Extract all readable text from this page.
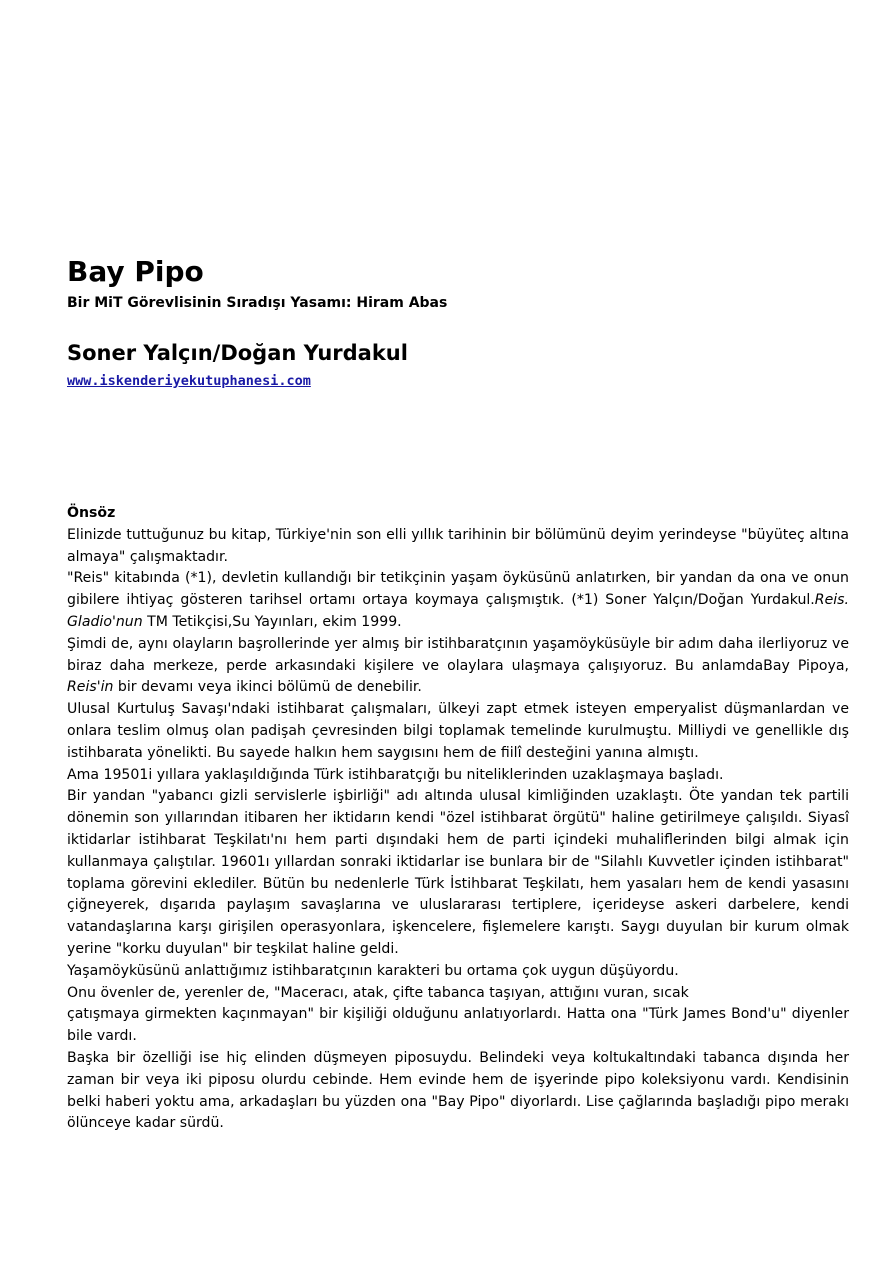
Bay Pipo
Bir MiT Görevlisinin Sıradışı Yasamı: Hiram Abas
Soner Yalçın/Doğan Yurdakul
www.iskenderiyekutuphanesi.com

Önsöz

Elinizde tuttuğunuz bu kitap, Türkiye'nin son elli yıllık tarihinin bir bölümünü deyim yerindeyse "büyüteç altına almaya" çalışmaktadır.

"Reis" kitabında (*1), devletin kullandığı bir tetikçinin yaşam öyküsünü anlatırken, bir yandan da ona ve onun gibilere ihtiyaç gösteren tarihsel ortamı ortaya koymaya çalışmıştık. (*1) Soner Yalçın/Doğan Yurdakul.Reis. Gladio'nun TM Tetikçisi,Su Yayınları, ekim 1999.

Şimdi de, aynı olayların başrollerinde yer almış bir istihbaratçının yaşamöyküsüyle bir adım daha ilerliyoruz ve biraz daha merkeze, perde arkasındaki kişilere ve olaylara ulaşmaya çalışıyoruz. Bu anlamdaBay Pipoya, Reis'in bir devamı veya ikinci bölümü de denebilir.

Ulusal Kurtuluş Savaşı'ndaki istihbarat çalışmaları, ülkeyi zapt etmek isteyen emperyalist düşmanlardan ve onlara teslim olmuş olan padişah çevresinden bilgi toplamak temelinde kurulmuştu. Milliydi ve genellikle dış istihbarata yönelikti. Bu sayede halkın hem saygısını hem de fiilî desteğini yanına almıştı.

Ama 19501i yıllara yaklaşıldığında Türk istihbaratçığı bu niteliklerinden uzaklaşmaya başladı.

Bir yandan "yabancı gizli servislerle işbirliği" adı altında ulusal kimliğinden uzaklaştı. Öte yandan tek partili dönemin son yıllarından itibaren her iktidarın kendi "özel istihbarat örgütü" haline getirilmeye çalışıldı. Siyasî iktidarlar istihbarat Teşkilatı'nı hem parti dışındaki hem de parti içindeki muhaliflerinden bilgi almak için kullanmaya çalıştılar. 19601ı yıllardan sonraki iktidarlar ise bunlara bir de "Silahlı Kuvvetler içinden istihbarat" toplama görevini eklediler. Bütün bu nedenlerle Türk İstihbarat Teşkilatı, hem yasaları hem de kendi yasasını çiğneyerek, dışarıda paylaşım savaşlarına ve uluslararası tertiplere, içerideyse askeri darbelere, kendi vatandaşlarına karşı girişilen operasyonlara, işkencelere, fişlemelere karıştı. Saygı duyulan bir kurum olmak yerine "korku duyulan" bir teşkilat haline geldi.

Yaşamöyküsünü anlattığımız istihbaratçının karakteri bu ortama çok uygun düşüyordu.

Onu övenler de, yerenler de, "Maceracı, atak, çifte tabanca taşıyan, attığını vuran, sıcak

çatışmaya girmekten kaçınmayan" bir kişiliği olduğunu anlatıyorlardı. Hatta ona "Türk James Bond'u" diyenler bile vardı.

Başka bir özelliği ise hiç elinden düşmeyen piposuydu. Belindeki veya koltukaltındaki tabanca dışında her zaman bir veya iki piposu olurdu cebinde. Hem evinde hem de işyerinde pipo koleksiyonu vardı. Kendisinin belki haberi yoktu ama, arkadaşları bu yüzden ona "Bay Pipo" diyorlardı. Lise çağlarında başladığı pipo merakı ölünceye kadar sürdü.
